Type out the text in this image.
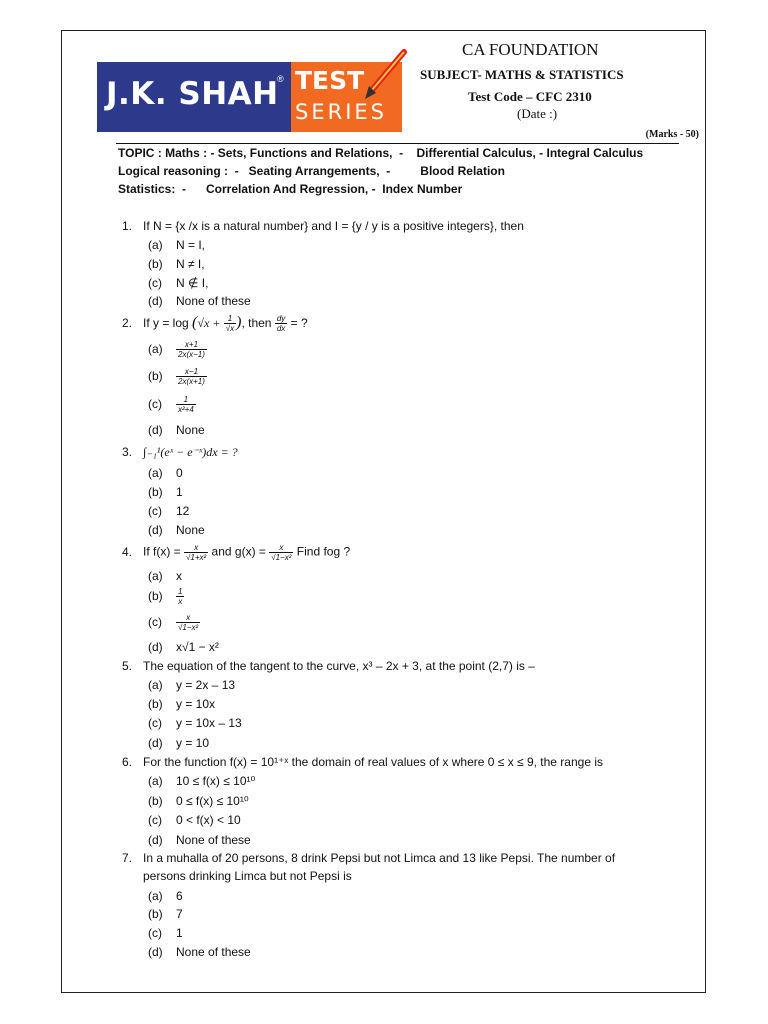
J.K. SHAH
® TEST
SERIES
CA FOUNDATION
SUBJECT- MATHS & STATISTICS
Test Code – CFC 2310
(Date :)
(Marks - 50)
TOPIC : Maths : - Sets, Functions and Relations,  -    Differential Calculus, - Integral Calculus
Logical reasoning :  -   Seating Arrangements,  -         Blood Relation
Statistics:  -      Correlation And Regression, -  Index Number
1. If N = {x /x is a natural number} and I = {y / y is a positive integers}, then
(a) N = I,
(b) N ≠ I,
(c) N ∉ I,
(d) None of these
2. If $y = \log (√x + \frac{1}{√x}$ ), then $\frac{dy}{dx}$ = ?
$(a) \frac{x+1}{2x(x-1)}$
$(b) \frac{x-1}{2x(x+1)}$
$(c) \frac{1}{\text{x²+4}}$
(d) None
3. ∫₋₁¹(eˣ − e⁻ˣ)dx = ?
(a) 0
(b) 1
(c) 12
(d) None
4. If $f(x) = \frac{x}{\text{√1+x²}}$ and $g(x) = \frac{x}{\text{√1−x²}}$ Find fog ?
(a) x
$(b) \frac{1}{x}$
$(c) \frac{x}{\text{√1−x²}}$
(d) x√1 − x²
5. The equation of the tangent to the curve, x³ – 2x + 3, at the point (2,7) is –
(a) y = 2x – 13
(b) y = 10x
(c) y = 10x – 13
(d) y = 10
6. For the function f(x) = 10¹⁺ˣ the domain of real values of x where 0 ≤ x ≤ 9, the range is
(a) 10 ≤ f(x) ≤ 10¹⁰
(b) 0 ≤ f(x) ≤ 10¹⁰
(c) 0 < f(x) < 10
(d) None of these
7. In a muhalla of 20 persons, 8 drink Pepsi but not Limca and 13 like Pepsi. The number of
persons drinking Limca but not Pepsi is
(a) 6
(b) 7
(c) 1
(d) None of these
